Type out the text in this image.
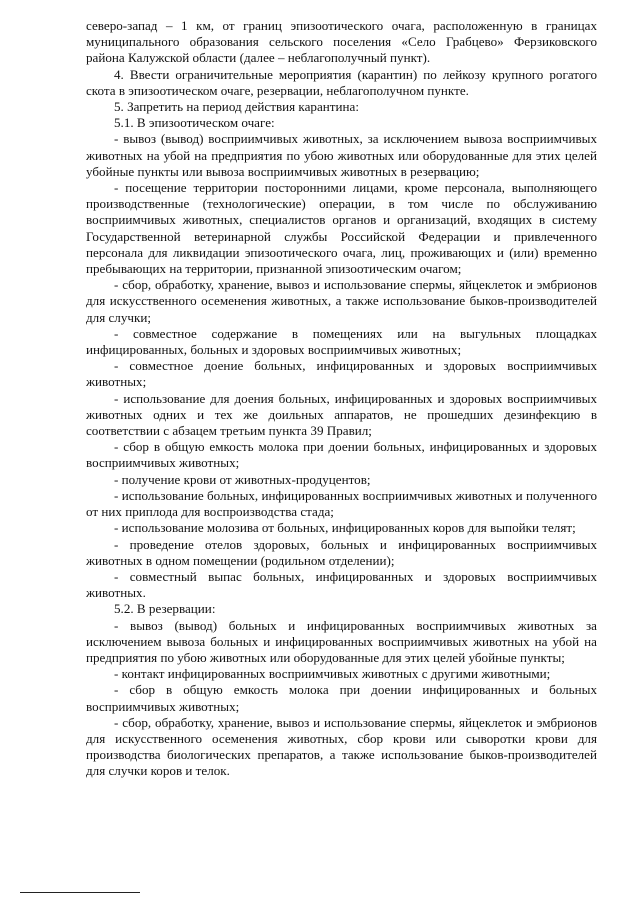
северо-запад – 1 км, от границ эпизоотического очага, расположенную в границах муниципального образования сельского поселения «Село Грабцево» Ферзиковского района Калужской области (далее – неблагополучный пункт).

4. Ввести ограничительные мероприятия (карантин) по лейкозу крупного рогатого скота в эпизоотическом очаге, резервации, неблагополучном пункте.

5. Запретить на период действия карантина:

5.1. В эпизоотическом очаге:

- вывоз (вывод) восприимчивых животных, за исключением вывоза восприимчивых животных на убой на предприятия по убою животных или оборудованные для этих целей убойные пункты или вывоза восприимчивых животных в резервацию;

- посещение территории посторонними лицами, кроме персонала, выполняющего производственные (технологические) операции, в том числе по обслуживанию восприимчивых животных, специалистов органов и организаций, входящих в систему Государственной ветеринарной службы Российской Федерации и привлеченного персонала для ликвидации эпизоотического очага, лиц, проживающих и (или) временно пребывающих на территории, признанной эпизоотическим очагом;

- сбор, обработку, хранение, вывоз и использование спермы, яйцеклеток и эмбрионов для искусственного осеменения животных, а также использование быков-производителей для случки;

- совместное содержание в помещениях или на выгульных площадках инфицированных, больных и здоровых восприимчивых животных;

- совместное доение больных, инфицированных и здоровых восприимчивых животных;

- использование для доения больных, инфицированных и здоровых восприимчивых животных одних и тех же доильных аппаратов, не прошедших дезинфекцию в соответствии с абзацем третьим пункта 39 Правил;

- сбор в общую емкость молока при доении больных, инфицированных и здоровых восприимчивых животных;

- получение крови от животных-продуцентов;

- использование больных, инфицированных восприимчивых животных и полученного от них приплода для воспроизводства стада;

- использование молозива от больных, инфицированных коров для выпойки телят;

- проведение отелов здоровых, больных и инфицированных восприимчивых животных в одном помещении (родильном отделении);

- совместный выпас больных, инфицированных и здоровых восприимчивых животных.

5.2. В резервации:

- вывоз (вывод) больных и инфицированных восприимчивых животных за исключением вывоза больных и инфицированных восприимчивых животных на убой на предприятия по убою животных или оборудованные для этих целей убойные пункты;

- контакт инфицированных восприимчивых животных с другими животными;

- сбор в общую емкость молока при доении инфицированных и больных восприимчивых животных;

- сбор, обработку, хранение, вывоз и использование спермы, яйцеклеток и эмбрионов для искусственного осеменения животных, сбор крови или сыворотки крови для производства биологических препаратов, а также использование быков-производителей для случки коров и телок.
